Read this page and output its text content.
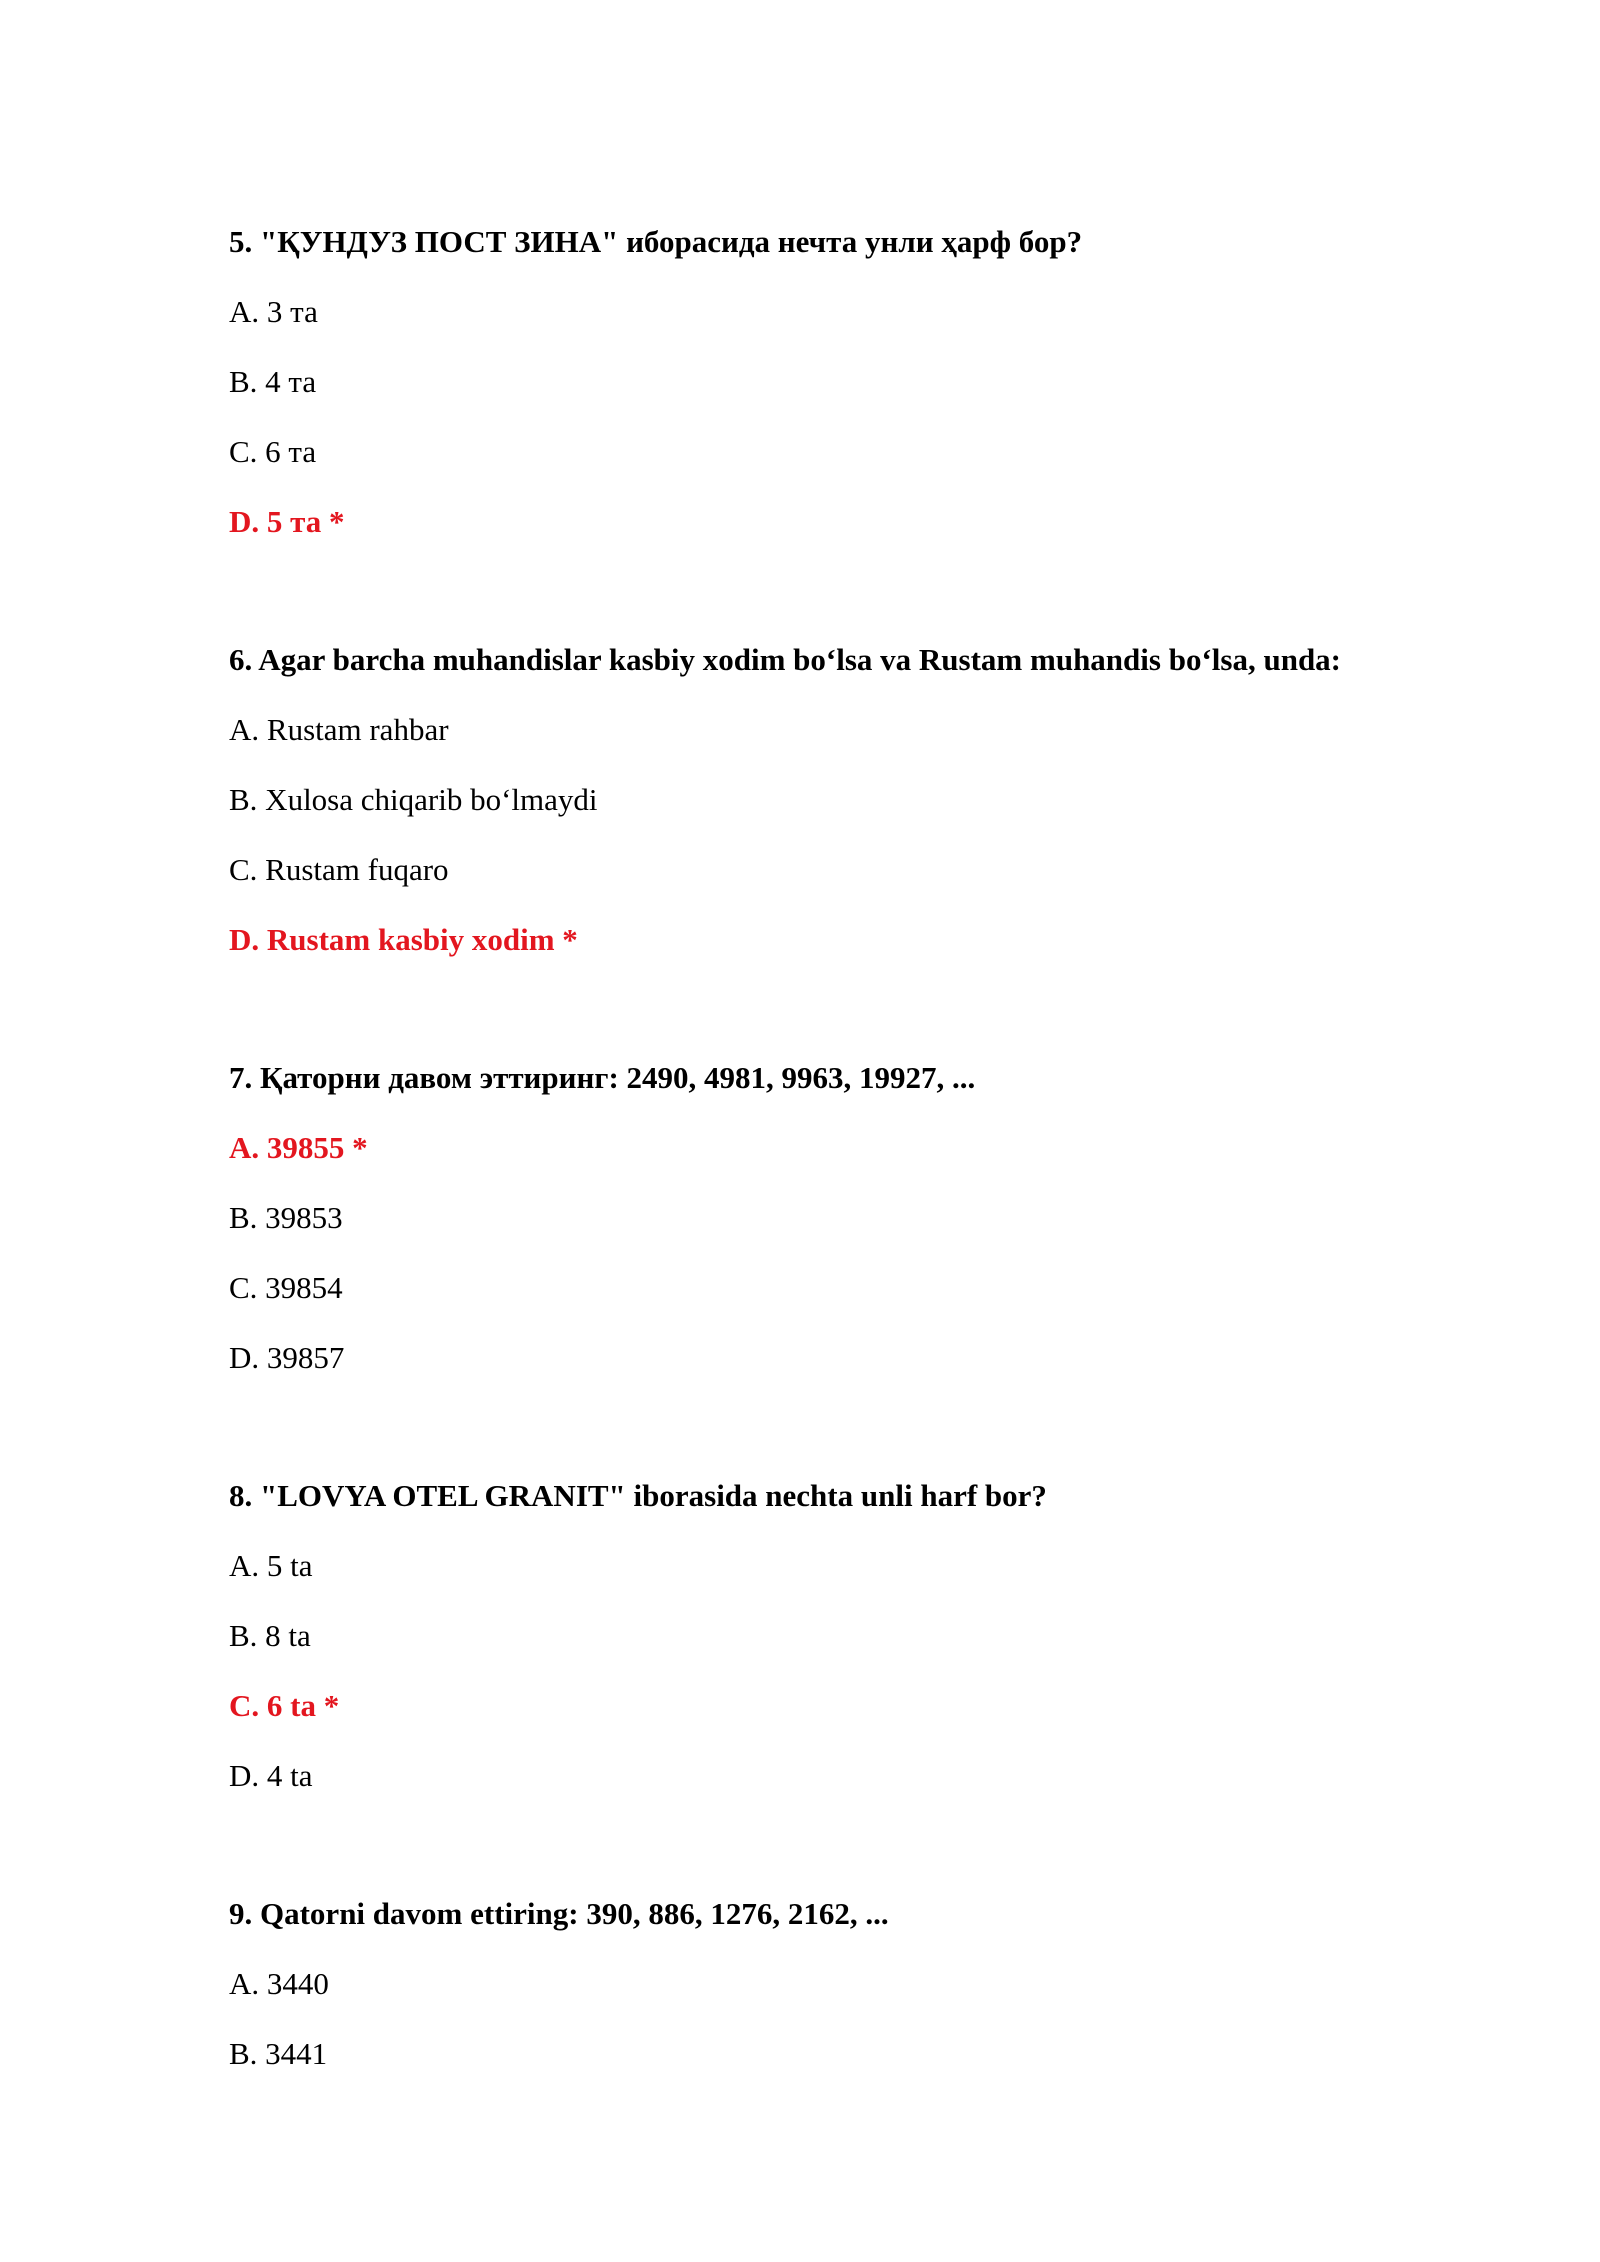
5. "ҚУНДУЗ ПОСТ ЗИНА" иборасида нечта унли ҳарф бор?

A. 3 та
B. 4 та
C. 6 та
D. 5 та *

6. Agar barcha muhandislar kasbiy xodim bo‘lsa va Rustam muhandis bo‘lsa, unda:

A. Rustam rahbar
B. Xulosa chiqarib bo‘lmaydi
C. Rustam fuqaro
D. Rustam kasbiy xodim *

7. Қаторни давом эттиринг: 2490, 4981, 9963, 19927, ...

A. 39855 *
B. 39853
C. 39854
D. 39857

8. "LOVYA OTEL GRANIT" iborasida nechta unli harf bor?

A. 5 ta
B. 8 ta
C. 6 ta *
D. 4 ta

9. Qatorni davom ettiring: 390, 886, 1276, 2162, ...

A. 3440
B. 3441
